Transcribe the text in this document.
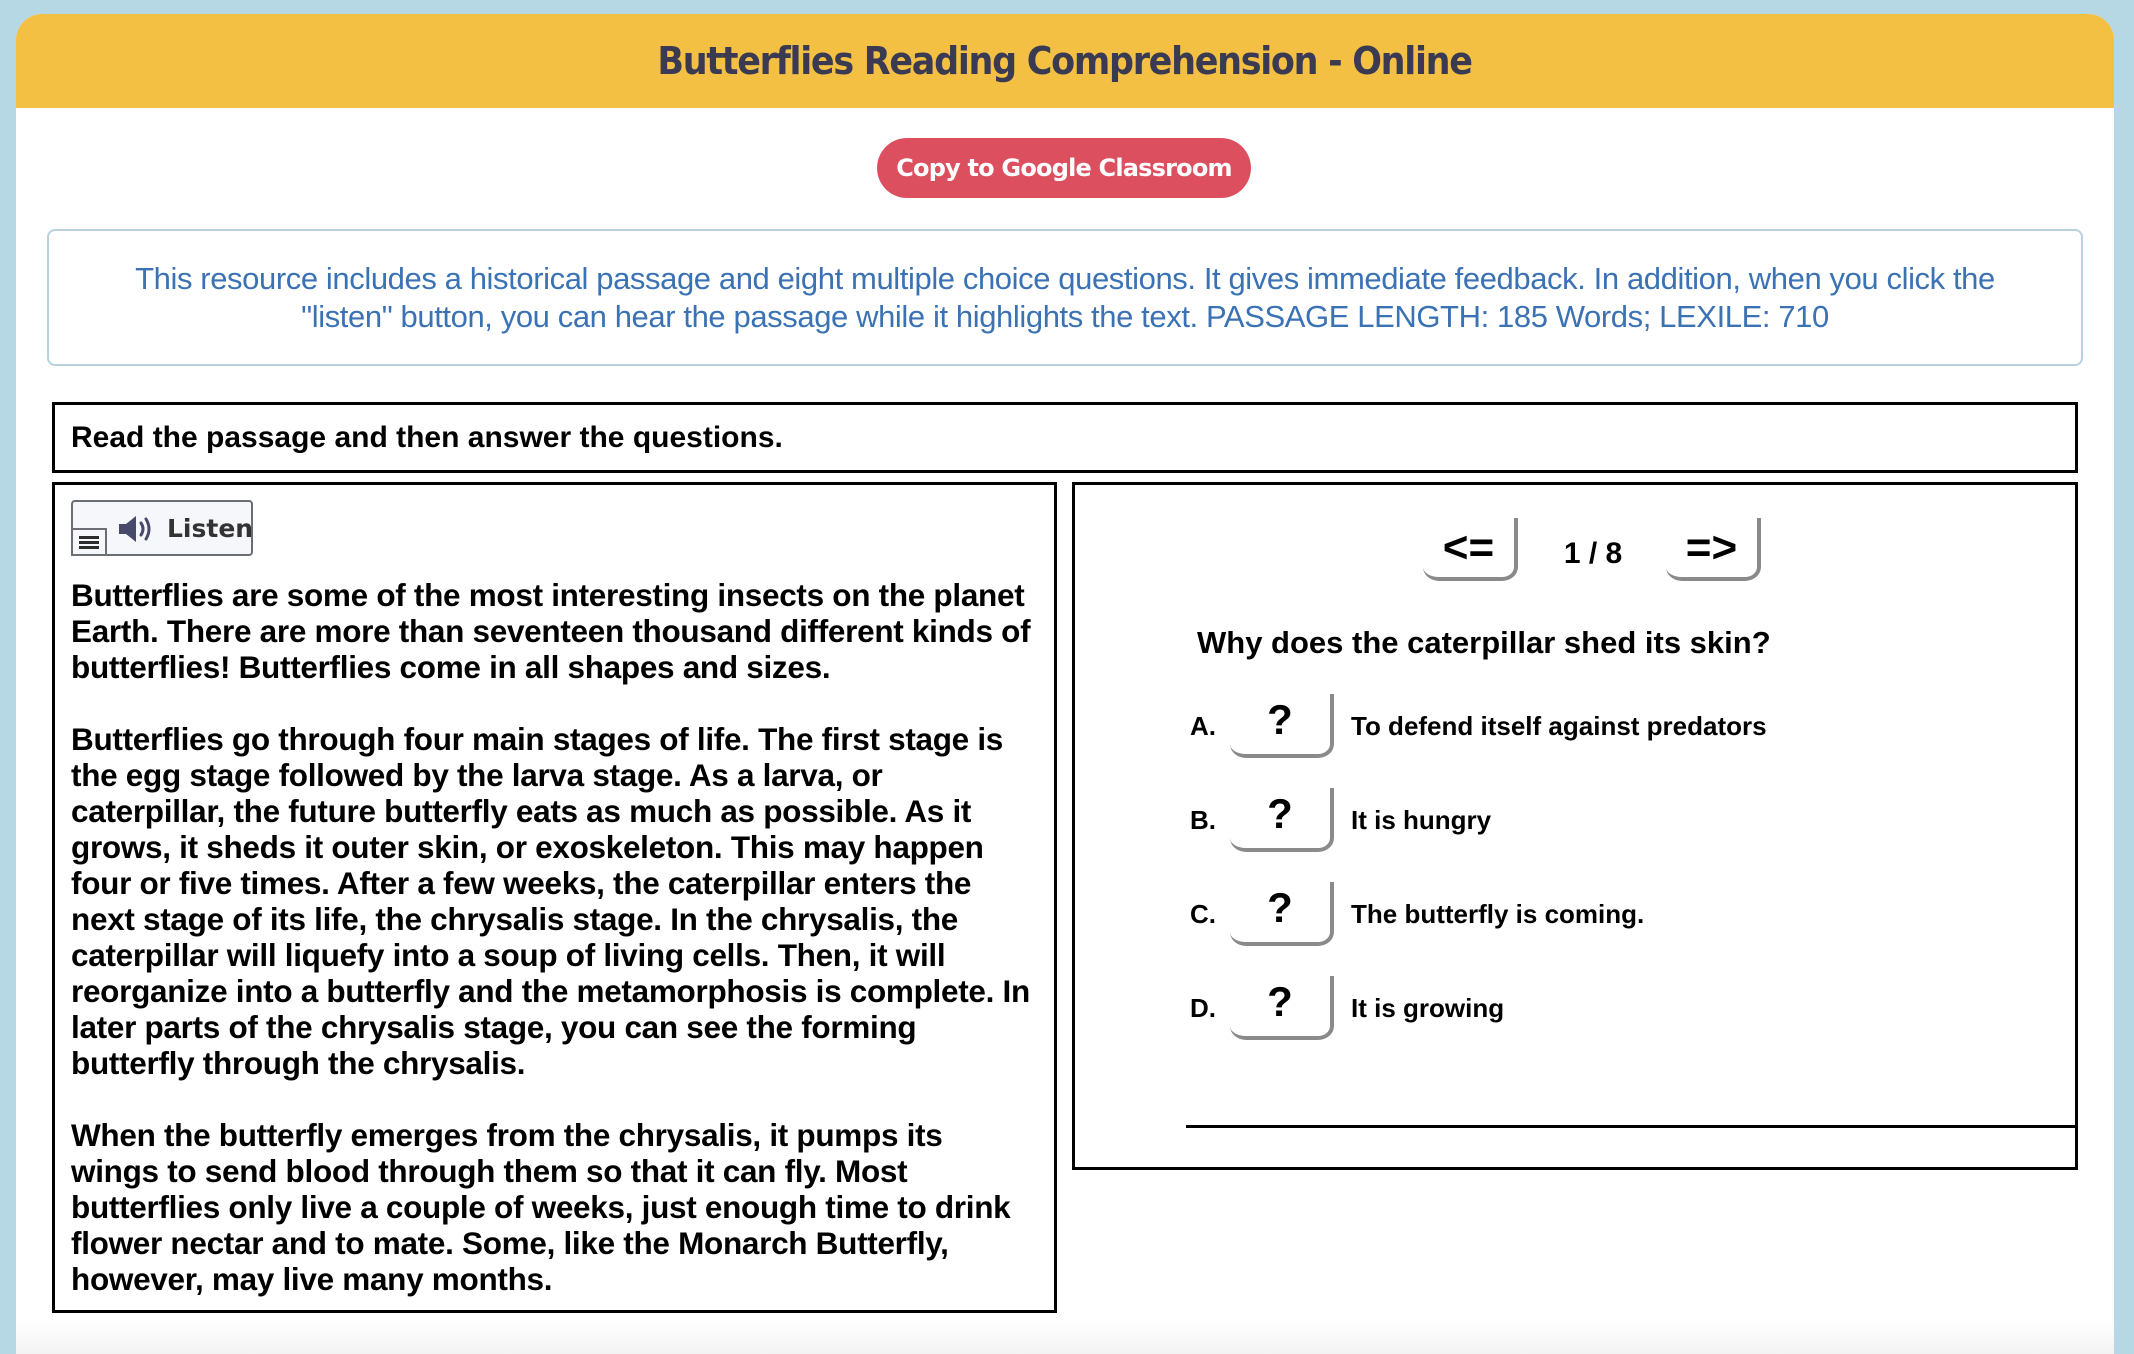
Butterflies Reading Comprehension - Online
Copy to Google Classroom

This resource includes a historical passage and eight multiple choice questions. It gives immediate feedback. In addition, when you click the "listen" button, you can hear the passage while it highlights the text. PASSAGE LENGTH: 185 Words; LEXILE: 710

Read the passage and then answer the questions.
Listen

Butterflies are some of the most interesting insects on the planet Earth. There are more than seventeen thousand different kinds of butterflies! Butterflies come in all shapes and sizes.

Butterflies go through four main stages of life. The first stage is the egg stage followed by the larva stage. As a larva, or caterpillar, the future butterfly eats as much as possible. As it grows, it sheds it outer skin, or exoskeleton. This may happen four or five times. After a few weeks, the caterpillar enters the next stage of its life, the chrysalis stage. In the chrysalis, the caterpillar will liquefy into a soup of living cells. Then, it will reorganize into a butterfly and the metamorphosis is complete. In later parts of the chrysalis stage, you can see the forming butterfly through the chrysalis.

When the butterfly emerges from the chrysalis, it pumps its wings to send blood through them so that it can fly. Most butterflies only live a couple of weeks, just enough time to drink flower nectar and to mate. Some, like the Monarch Butterfly, however, may live many months.

<=	1 / 8	=>
Why does the caterpillar shed its skin?
A.	?	To defend itself against predators
B.	?	It is hungry
C.	?	The butterfly is coming.
D.	?	It is growing
